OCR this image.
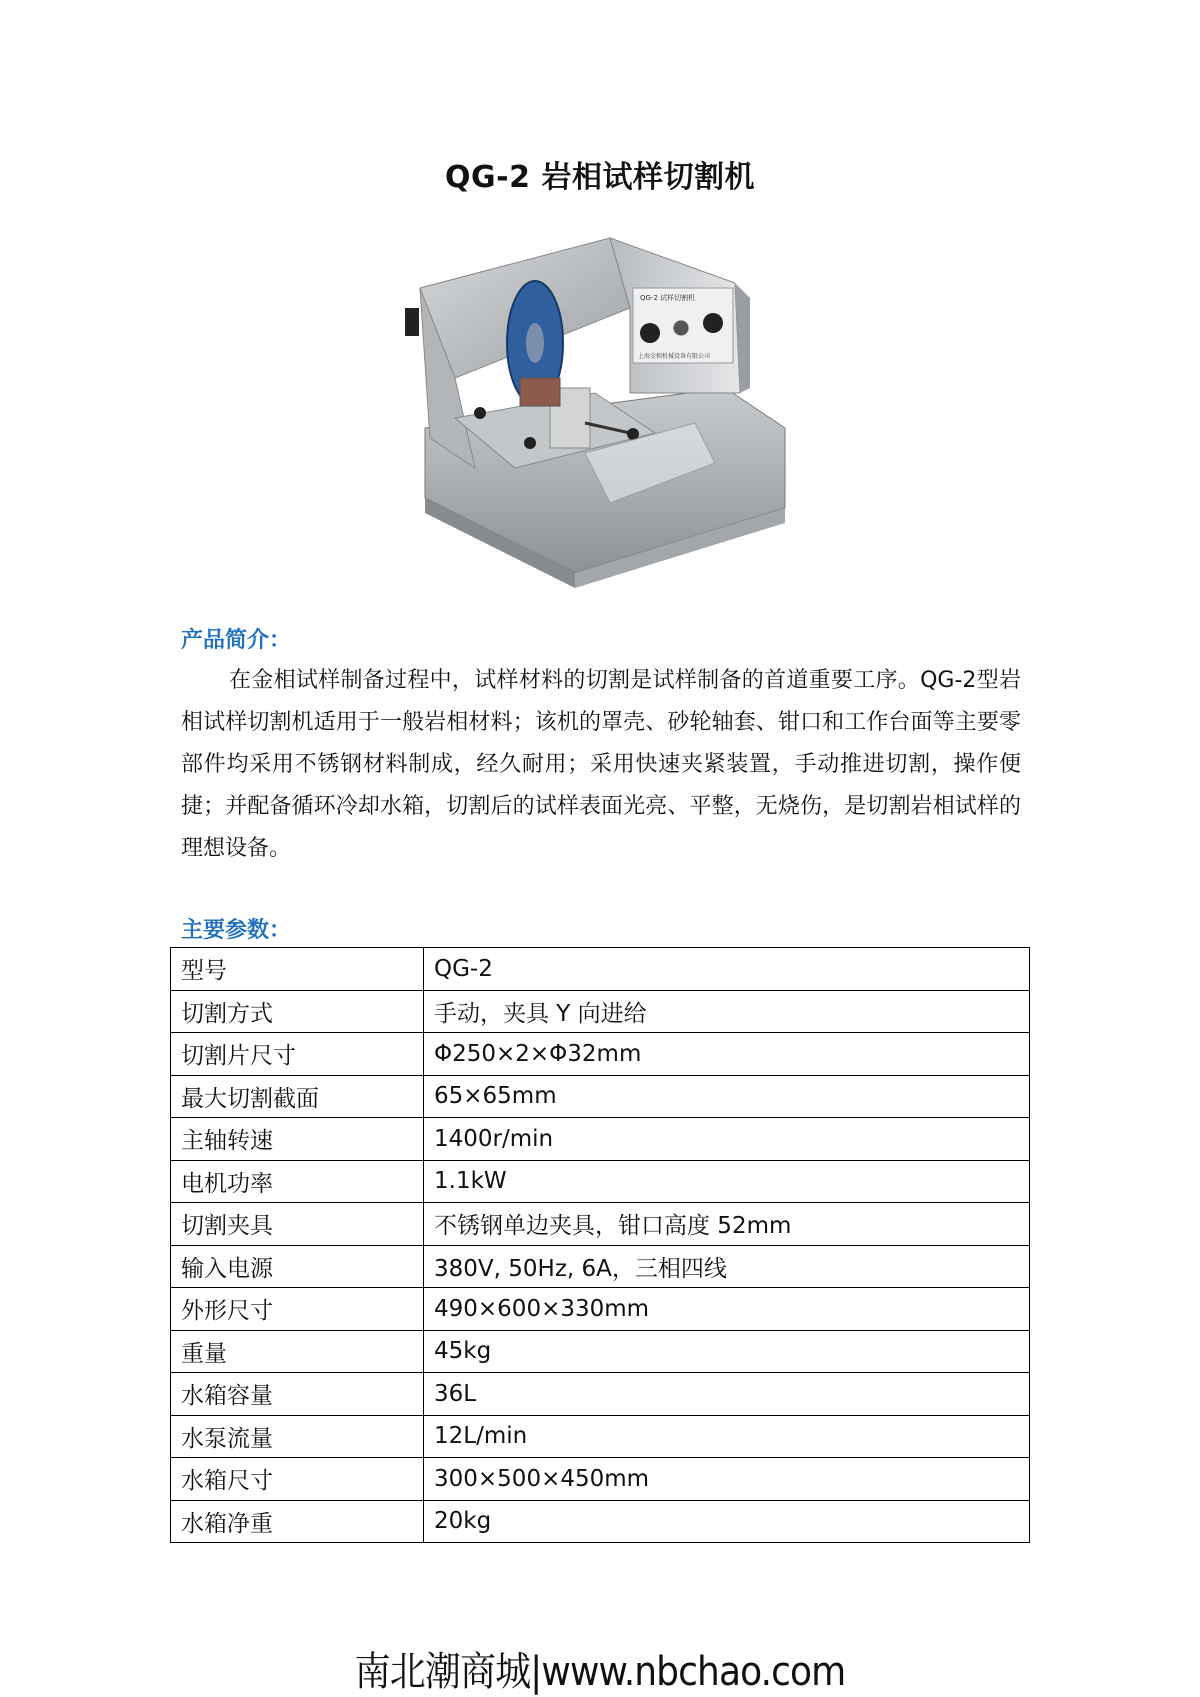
QG-2 岩相试样切割机
QG-2 试样切割机
上海金相机械设备有限公司
产品简介：
在金相试样制备过程中，试样材料的切割是试样制备的首道重要工序。QG-2型岩相试样切割机适用于一般岩相材料；该机的罩壳、砂轮轴套、钳口和工作台面等主要零部件均采用不锈钢材料制成，经久耐用；采用快速夹紧装置，手动推进切割，操作便捷；并配备循环冷却水箱，切割后的试样表面光亮、平整，无烧伤，是切割岩相试样的理想设备。
主要参数：
型号	QG-2
切割方式	手动，夹具 Y 向进给
切割片尺寸	Φ250×2×Φ32mm
最大切割截面	65×65mm
主轴转速	1400r/min
电机功率	1.1kW
切割夹具	不锈钢单边夹具，钳口高度 52mm
输入电源	380V, 50Hz, 6A，三相四线
外形尺寸	490×600×330mm
重量	45kg
水箱容量	36L
水泵流量	12L/min
水箱尺寸	300×500×450mm
水箱净重	20kg
南北潮商城|www.nbchao.com
